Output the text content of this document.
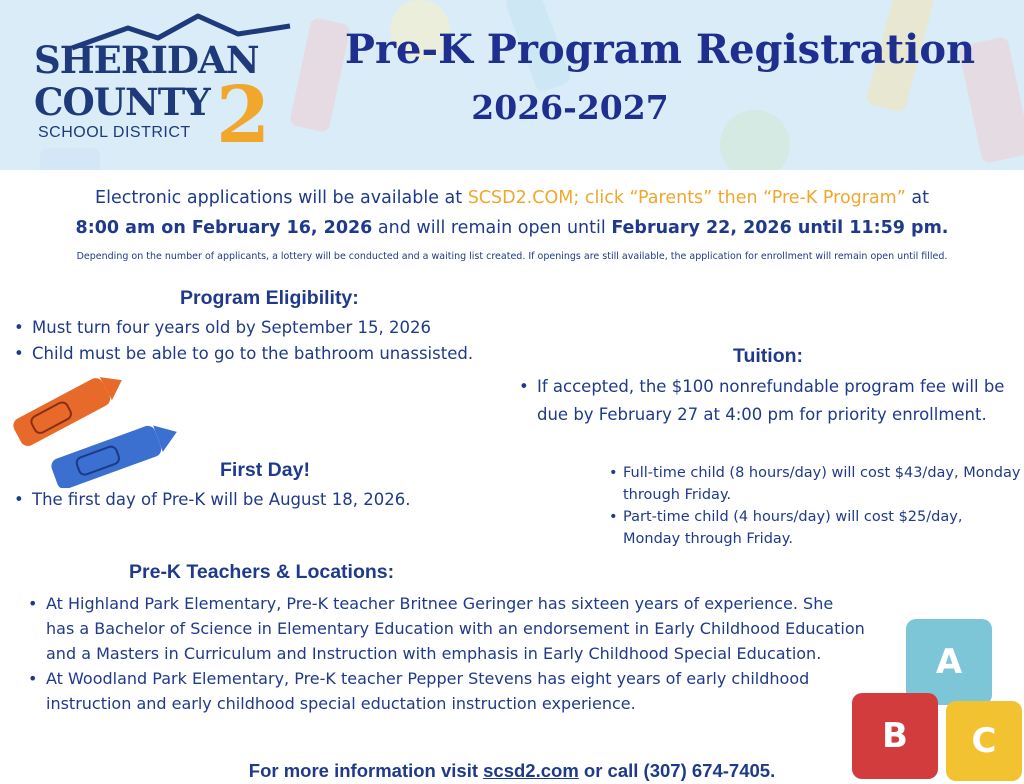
SHERIDAN
COUNTY
SCHOOL DISTRICT 2
Pre-K Program Registration
2026-2027
Electronic applications will be available at SCSD2.COM; click “Parents” then “Pre-K Program” at
8:00 am on February 16, 2026 and will remain open until February 22, 2026 until 11:59 pm.
Depending on the number of applicants, a lottery will be conducted and a waiting list created. If openings are still available, the application for enrollment will remain open until filled.
Program Eligibility:
• Must turn four years old by September 15, 2026
• Child must be able to go to the bathroom unassisted.
First Day!
• The first day of Pre-K will be August 18, 2026.
Tuition:
• If accepted, the $100 nonrefundable program fee will be due by February 27 at 4:00 pm for priority enrollment.
• Full-time child (8 hours/day) will cost $43/day, Monday through Friday.
• Part-time child (4 hours/day) will cost $25/day, Monday through Friday.
Pre-K Teachers & Locations:
• At Highland Park Elementary, Pre-K teacher Britnee Geringer has sixteen years of experience. She has a Bachelor of Science in Elementary Education with an endorsement in Early Childhood Education and a Masters in Curriculum and Instruction with emphasis in Early Childhood Special Education.
• At Woodland Park Elementary, Pre-K teacher Pepper Stevens has eight years of early childhood instruction and early childhood special eductation instruction experience.
A
B	C
For more information visit scsd2.com or call (307) 674-7405.
